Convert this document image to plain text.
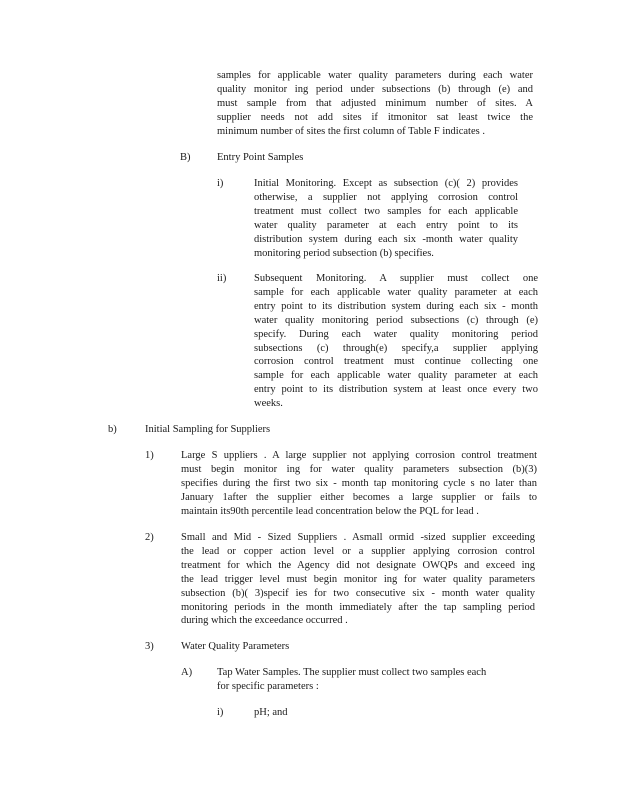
samples for applicable water quality parameters during each water

quality monitor ing period under subsections (b) through (e) and

must sample from that adjusted minimum number of sites. A

supplier needs not add sites if itmonitor sat least twice the

minimum number of sites the first column of Table F indicates .

B)	Entry Point Samples
i)	Initial Monitoring. Except as subsection (c)( 2) provides

otherwise, a supplier not applying corrosion control

treatment must collect two samples for each applicable

water quality parameter at each entry point to its

distribution system during each six -month water quality

monitoring period subsection (b) specifies.

ii)	Subsequent Monitoring. A supplier must collect one

sample for each applicable water quality parameter at each

entry point to its distribution system during each six - month

water quality monitoring period subsections (c) through (e)

specify. During each water quality monitoring period

subsections (c) through(e) specify,a supplier applying

corrosion control treatment must continue collecting one

sample for each applicable water quality parameter at each

entry point to its distribution system at least once every two

weeks.

b)	Initial Sampling for Suppliers
1)	Large S uppliers . A large supplier not applying corrosion control treatment

must begin monitor ing for water quality parameters subsection (b)(3)

specifies during the first two six - month tap monitoring cycle s no later than

January 1after the supplier either becomes a large supplier or fails to

maintain its90th percentile lead concentration below the PQL for lead .

2)	Small and Mid - Sized Suppliers . Asmall ormid -sized supplier exceeding

the lead or copper action level or a supplier applying corrosion control

treatment for which the Agency did not designate OWQPs and exceed ing

the lead trigger level must begin monitor ing for water quality parameters

subsection (b)( 3)specif ies for two consecutive six - month water quality

monitoring periods in the month immediately after the tap sampling period

during which the exceedance occurred .

3)	Water Quality Parameters
A) Tap Water Samples. The supplier must collect two samples each

for specific parameters :

i)	pH; and
